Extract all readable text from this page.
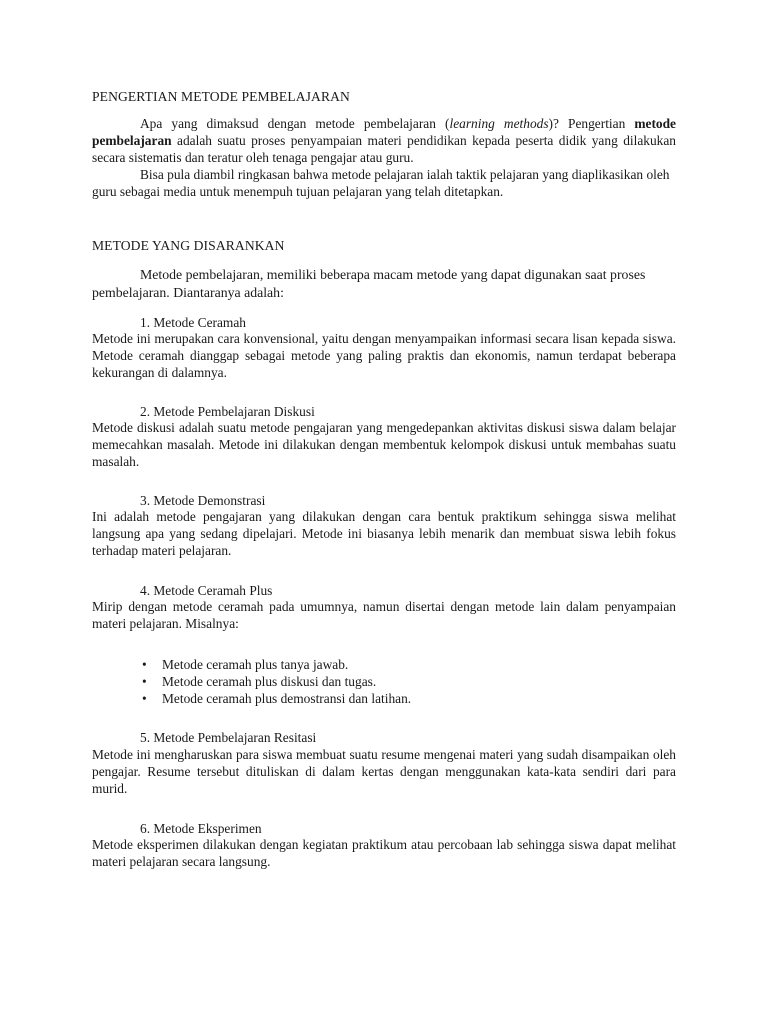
PENGERTIAN METODE PEMBELAJARAN
Apa yang dimaksud dengan metode pembelajaran (learning methods)? Pengertian metode pembelajaran adalah suatu proses penyampaian materi pendidikan kepada peserta didik yang dilakukan secara sistematis dan teratur oleh tenaga pengajar atau guru.
Bisa pula diambil ringkasan bahwa metode pelajaran ialah taktik pelajaran yang diaplikasikan oleh guru sebagai media untuk menempuh tujuan pelajaran yang telah ditetapkan.
METODE YANG DISARANKAN
Metode pembelajaran, memiliki beberapa macam metode yang dapat digunakan saat proses pembelajaran. Diantaranya adalah:
1. Metode Ceramah
Metode ini merupakan cara konvensional, yaitu dengan menyampaikan informasi secara lisan kepada siswa. Metode ceramah dianggap sebagai metode yang paling praktis dan ekonomis, namun terdapat beberapa kekurangan di dalamnya.
2. Metode Pembelajaran Diskusi
Metode diskusi adalah suatu metode pengajaran yang mengedepankan aktivitas diskusi siswa dalam belajar memecahkan masalah. Metode ini dilakukan dengan membentuk kelompok diskusi untuk membahas suatu masalah.
3. Metode Demonstrasi
Ini adalah metode pengajaran yang dilakukan dengan cara bentuk praktikum sehingga siswa melihat langsung apa yang sedang dipelajari. Metode ini biasanya lebih menarik dan membuat siswa lebih fokus terhadap materi pelajaran.
4. Metode Ceramah Plus
Mirip dengan metode ceramah pada umumnya, namun disertai dengan metode lain dalam penyampaian materi pelajaran. Misalnya:
• Metode ceramah plus tanya jawab.
• Metode ceramah plus diskusi dan tugas.
• Metode ceramah plus demostransi dan latihan.
5. Metode Pembelajaran Resitasi
Metode ini mengharuskan para siswa membuat suatu resume mengenai materi yang sudah disampaikan oleh pengajar. Resume tersebut dituliskan di dalam kertas dengan menggunakan kata-kata sendiri dari para murid.
6. Metode Eksperimen
Metode eksperimen dilakukan dengan kegiatan praktikum atau percobaan lab sehingga siswa dapat melihat materi pelajaran secara langsung.
